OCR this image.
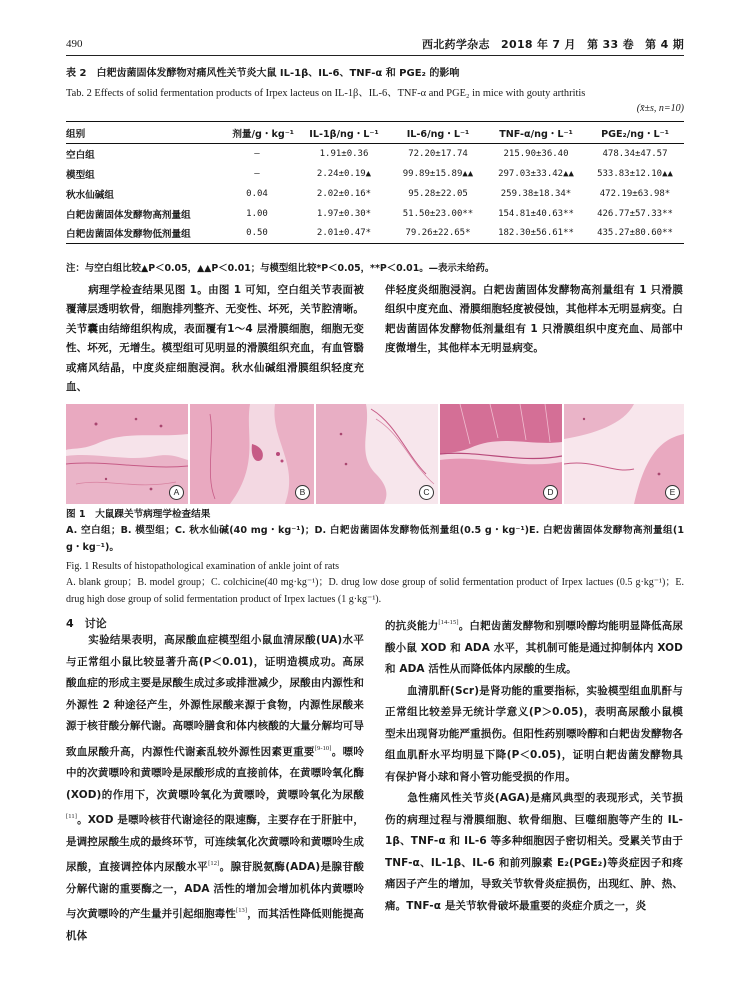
490	西北药学杂志　2018 年 7 月　第 33 卷　第 4 期
表 2　白耙齿菌固体发酵物对痛风性关节炎大鼠 IL-1β、IL-6、TNF-α 和 PGE₂ 的影响
Tab. 2 Effects of solid fermentation products of Irpex lacteus on IL-1β、IL-6、TNF-α and PGE₂ in mice with gouty arthritis
(x̄±s, n=10)
组别	剂量/g・kg⁻¹	IL-1β/ng・L⁻¹	IL-6/ng・L⁻¹	TNF-α/ng・L⁻¹	PGE₂/ng・L⁻¹
空白组	—	1.91±0.36	72.20±17.74	215.90±36.40	478.34±47.57
模型组	—	2.24±0.19▲	99.89±15.89▲▲	297.03±33.42▲▲	533.83±12.10▲▲
秋水仙碱组	0.04	2.02±0.16*	95.28±22.05	259.38±18.34*	472.19±63.98*
白耙齿菌固体发酵物高剂量组	1.00	1.97±0.30*	51.50±23.00**	154.81±40.63**	426.77±57.33**
白耙齿菌固体发酵物低剂量组	0.50	2.01±0.47*	79.26±22.65*	182.30±56.61**	435.27±80.60**
注：与空白组比较▲P＜0.05，▲▲P＜0.01；与模型组比较*P＜0.05，**P＜0.01。—表示未给药。
病理学检查结果见图 1。由图 1 可知，空白组关节表面被覆薄层透明软骨，细胞排列整齐、无变性、坏死，关节腔清晰。关节囊由结缔组织构成，表面覆有1～4 层滑膜细胞，细胞无变性、坏死，无增生。模型组可见明显的滑膜组织充血，有血管翳或痛风结晶，中度炎症细胞浸润。秋水仙碱组滑膜组织轻度充血、
伴轻度炎细胞浸润。白耙齿菌固体发酵物高剂量组有 1 只滑膜组织中度充血、滑膜细胞轻度被侵蚀，其他样本无明显病变。白耙齿菌固体发酵物低剂量组有 1 只滑膜组织中度充血、局部中度微增生，其他样本无明显病变。
A	B	C	D	E
图 1　大鼠踝关节病理学检查结果
A. 空白组；B. 模型组；C. 秋水仙碱(40 mg・kg⁻¹)；D. 白耙齿菌固体发酵物低剂量组(0.5 g・kg⁻¹)E. 白耙齿菌固体发酵物高剂量组(1 g・kg⁻¹)。
Fig. 1 Results of histopathological examination of ankle joint of rats
A. blank group；B. model group；C. colchicine(40 mg·kg⁻¹)；D. drug low dose group of solid fermentation product of Irpex lactues (0.5 g·kg⁻¹)；E. drug high dose group of solid fermentation product of Irpex lactues (1 g·kg⁻¹).
4　讨论
实验结果表明，高尿酸血症模型组小鼠血清尿酸(UA)水平与正常组小鼠比较显著升高(P＜0.01)，证明造模成功。高尿酸血症的形成主要是尿酸生成过多或排泄减少，尿酸由内源性和外源性 2 种途径产生，外源性尿酸来源于食物，内源性尿酸来源于核苷酸分解代谢。高嘌呤膳食和体内核酸的大量分解均可导致血尿酸升高，内源性代谢紊乱较外源性因素更重要[9-10]。嘌呤中的次黄嘌呤和黄嘌呤是尿酸形成的直接前体，在黄嘌呤氧化酶(XOD)的作用下，次黄嘌呤氧化为黄嘌呤，黄嘌呤氧化为尿酸[11]。XOD 是嘌呤核苷代谢途径的限速酶，主要存在于肝脏中，是调控尿酸生成的最终环节，可连续氧化次黄嘌呤和黄嘌呤生成尿酸，直接调控体内尿酸水平[12]。腺苷脱氨酶(ADA)是腺苷酸分解代谢的重要酶之一，ADA 活性的增加会增加机体内黄嘌呤与次黄嘌呤的产生量并引起细胞毒性[13]，而其活性降低则能提高机体
的抗炎能力[14-15]。白耙齿菌发酵物和别嘌呤醇均能明显降低高尿酸小鼠 XOD 和 ADA 水平，其机制可能是通过抑制体内 XOD 和 ADA 活性从而降低体内尿酸的生成。
血清肌酐(Scr)是肾功能的重要指标，实验模型组血肌酐与正常组比较差异无统计学意义(P＞0.05)，表明高尿酸小鼠模型未出现肾功能严重损伤。但阳性药别嘌呤醇和白耙齿发酵物各组血肌酐水平均明显下降(P＜0.05)，证明白耙齿菌发酵物具有保护肾小球和肾小管功能受损的作用。
急性痛风性关节炎(AGA)是痛风典型的表现形式，关节损伤的病理过程与滑膜细胞、软骨细胞、巨噬细胞等产生的 IL-1β、TNF-α 和 IL-6 等多种细胞因子密切相关。受累关节由于 TNF-α、IL-1β、IL-6 和前列腺素 E₂(PGE₂)等炎症因子和疼痛因子产生的增加，导致关节软骨炎症损伤，出现红、肿、热、痛。TNF-α 是关节软骨破坏最重要的炎症介质之一，炎
